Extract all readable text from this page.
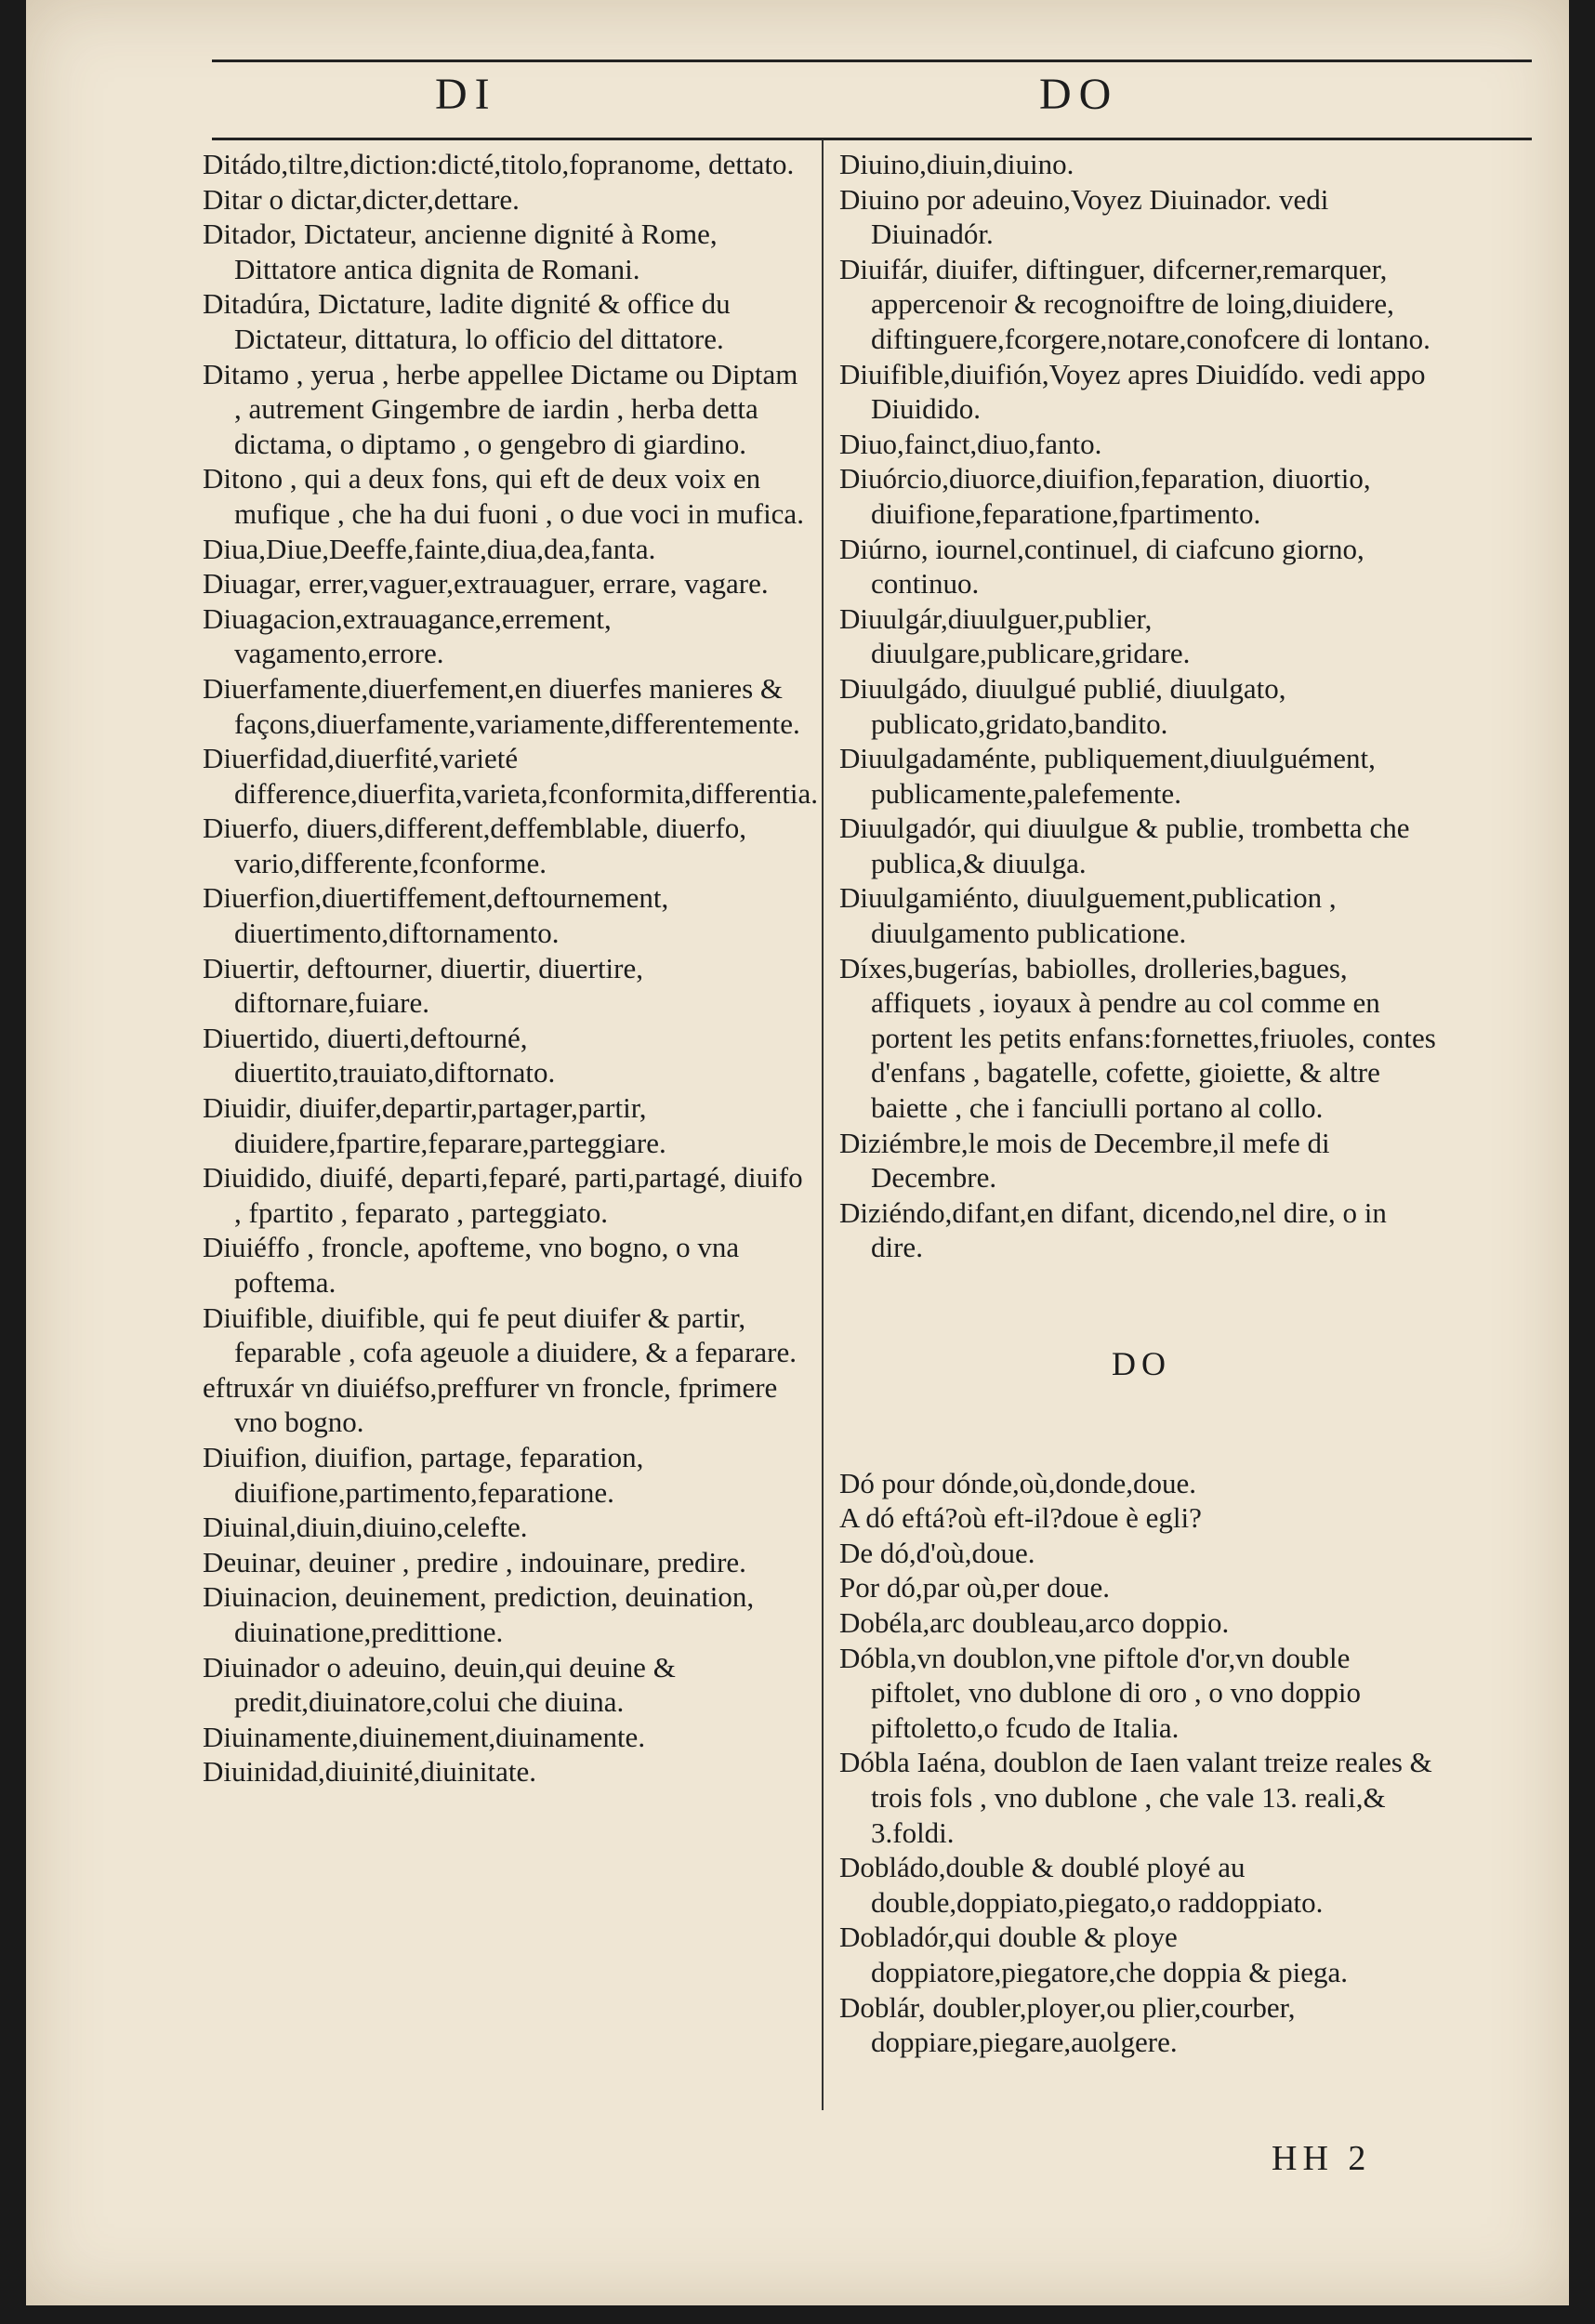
DI	DO

Ditádo,tiltre,diction:dicté,titolo,fopranome, dettato.

Ditar o dictar,dicter,dettare.

Ditador, Dictateur, ancienne dignité à Rome, Dittatore antica dignita de Romani.

Ditadúra, Dictature, ladite dignité & office du Dictateur, dittatura, lo officio del dittatore.

Ditamo , yerua , herbe appellee Dictame ou Diptam , autrement Gingembre de iardin , herba detta dictama, o diptamo , o gengebro di giardino.

Ditono , qui a deux fons, qui eft de deux voix en mufique , che ha dui fuoni , o due voci in mufica.

Diua,Diue,Deeffe,fainte,diua,dea,fanta.

Diuagar, errer,vaguer,extrauaguer, errare, vagare.

Diuagacion,extrauagance,errement, vagamento,errore.

Diuerfamente,diuerfement,en diuerfes manieres & façons,diuerfamente,variamente,differentemente.

Diuerfidad,diuerfité,varieté difference,diuerfita,varieta,fconformita,differentia.

Diuerfo, diuers,different,deffemblable, diuerfo, vario,differente,fconforme.

Diuerfion,diuertiffement,deftournement, diuertimento,diftornamento.

Diuertir, deftourner, diuertir, diuertire, diftornare,fuiare.

Diuertido, diuerti,deftourné, diuertito,trauiato,diftornato.

Diuidir, diuifer,departir,partager,partir, diuidere,fpartire,feparare,parteggiare.

Diuidido, diuifé, departi,feparé, parti,partagé, diuifo , fpartito , feparato , parteggiato.

Diuiéffo , froncle, apofteme, vno bogno, o vna poftema.

Diuifible, diuifible, qui fe peut diuifer & partir, feparable , cofa ageuole a diuidere, & a feparare.

eftruxár vn diuiéfso,preffurer vn froncle, fprimere vno bogno.

Diuifion, diuifion, partage, feparation, diuifione,partimento,feparatione.

Diuinal,diuin,diuino,celefte.

Deuinar, deuiner , predire , indouinare, predire.

Diuinacion, deuinement, prediction, deuination, diuinatione,predittione.

Diuinador o adeuino, deuin,qui deuine & predit,diuinatore,colui che diuina.

Diuinamente,diuinement,diuinamente.

Diuinidad,diuinité,diuinitate.

Diuino,diuin,diuino.

Diuino por adeuino,Voyez Diuinador. vedi Diuinadór.

Diuifár, diuifer, diftinguer, difcerner,remarquer, appercenoir & recognoiftre de loing,diuidere, diftinguere,fcorgere,notare,conofcere di lontano.

Diuifible,diuifión,Voyez apres Diuidído. vedi appo Diuidido.

Diuo,fainct,diuo,fanto.

Diuórcio,diuorce,diuifion,feparation, diuortio, diuifione,feparatione,fpartimento.

Diúrno, iournel,continuel, di ciafcuno giorno, continuo.

Diuulgár,diuulguer,publier, diuulgare,publicare,gridare.

Diuulgádo, diuulgué publié, diuulgato, publicato,gridato,bandito.

Diuulgadaménte, publiquement,diuulguément, publicamente,palefemente.

Diuulgadór, qui diuulgue & publie, trombetta che publica,& diuulga.

Diuulgamiénto, diuulguement,publication , diuulgamento publicatione.

Díxes,bugerías, babiolles, drolleries,bagues, affiquets , ioyaux à pendre au col comme en portent les petits enfans:fornettes,friuoles, contes d'enfans , bagatelle, cofette, gioiette, & altre baiette , che i fanciulli portano al collo.

Diziémbre,le mois de Decembre,il mefe di Decembre.

Diziéndo,difant,en difant, dicendo,nel dire, o in dire.

DO

Dó pour dónde,où,donde,doue.

A dó eftá?où eft-il?doue è egli?

De dó,d'où,doue.

Por dó,par où,per doue.

Dobéla,arc doubleau,arco doppio.

Dóbla,vn doublon,vne piftole d'or,vn double piftolet, vno dublone di oro , o vno doppio piftoletto,o fcudo de Italia.

Dóbla Iaéna, doublon de Iaen valant treize reales & trois fols , vno dublone , che vale 13. reali,& 3.foldi.

Dobládo,double & doublé ployé au double,doppiato,piegato,o raddoppiato.

Dobladór,qui double & ploye doppiatore,piegatore,che doppia & piega.

Doblár, doubler,ployer,ou plier,courber, doppiare,piegare,auolgere.

HH 2
